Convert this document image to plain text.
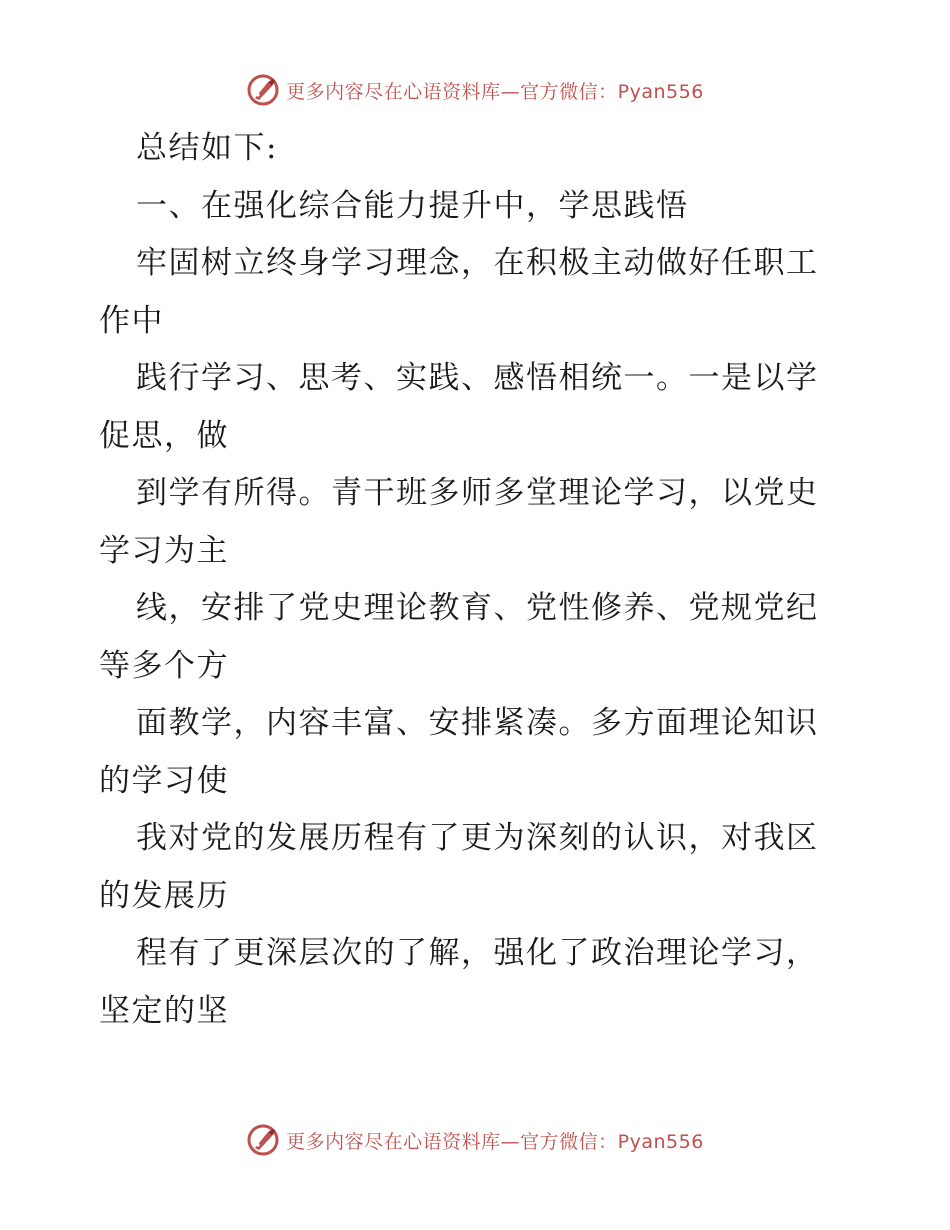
更多内容尽在心语资料库—官方微信：Pyan556
总结如下:
一、在强化综合能力提升中，学思践悟
牢固树立终身学习理念，在积极主动做好任职工
作中
践行学习、思考、实践、感悟相统一。一是以学
促思，做
到学有所得。青干班多师多堂理论学习，以党史
学习为主
线，安排了党史理论教育、党性修养、党规党纪
等多个方
面教学，内容丰富、安排紧凑。多方面理论知识
的学习使
我对党的发展历程有了更为深刻的认识，对我区
的发展历
程有了更深层次的了解，强化了政治理论学习，
坚定的坚
更多内容尽在心语资料库—官方微信：Pyan556
